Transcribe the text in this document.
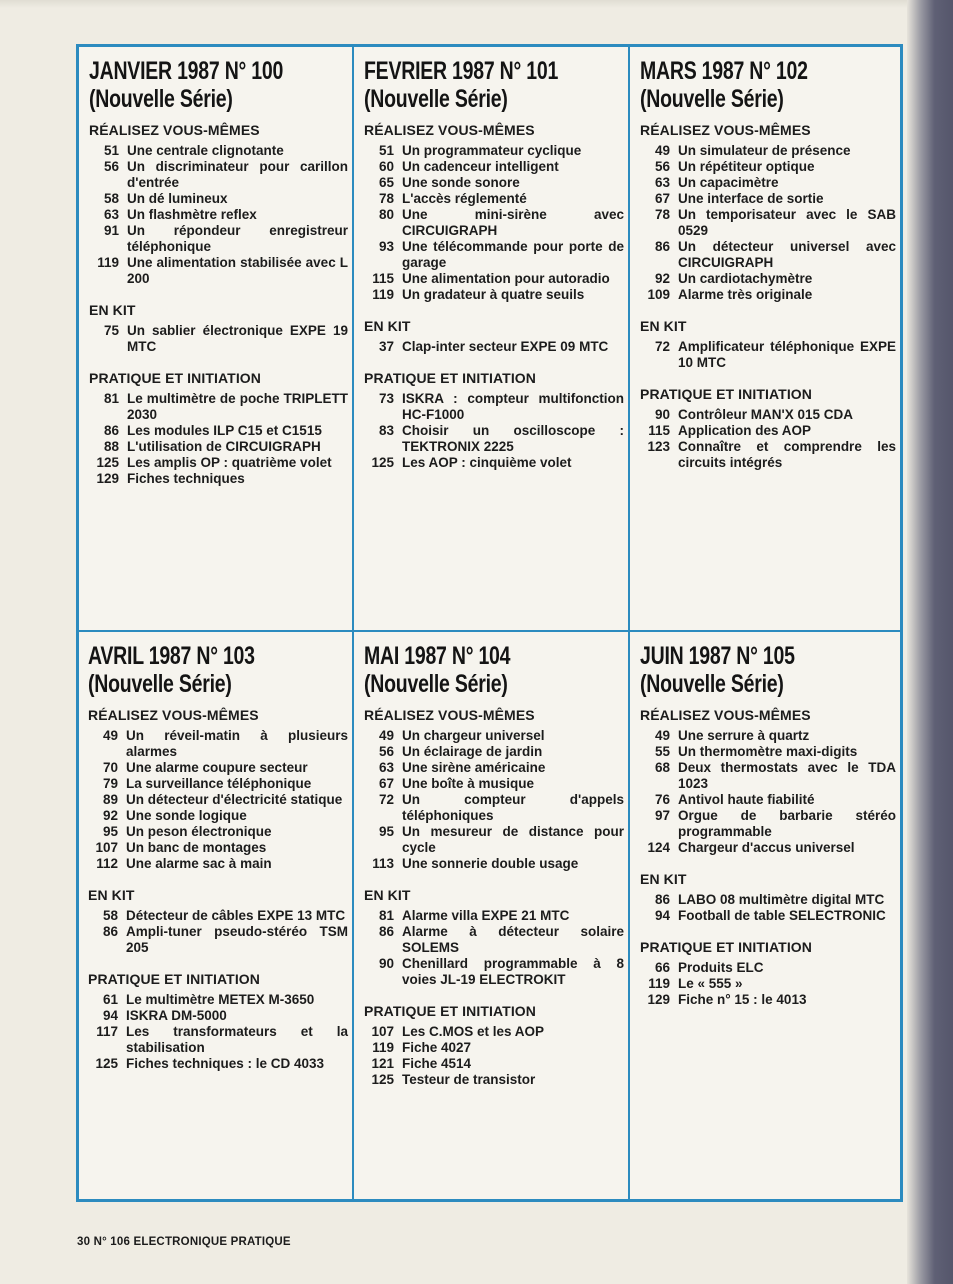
JANVIER 1987 N° 100
(Nouvelle Série)
RÉALISEZ VOUS-MÊMES
51 Une centrale clignotante
56 Un discriminateur pour carillon d'entrée
58 Un dé lumineux
63 Un flashmètre reflex
91 Un répondeur enregistreur téléphonique
119 Une alimentation stabilisée avec L 200
EN KIT
75 Un sablier électronique EXPE 19 MTC
PRATIQUE ET INITIATION
81 Le multimètre de poche TRIPLETT 2030
86 Les modules ILP C15 et C1515
88 L'utilisation de CIRCUIGRAPH
125 Les amplis OP : quatrième volet
129 Fiches techniques
FEVRIER 1987 N° 101
(Nouvelle Série)
RÉALISEZ VOUS-MÊMES
51 Un programmateur cyclique
60 Un cadenceur intelligent
65 Une sonde sonore
78 L'accès réglementé
80 Une mini-sirène avec CIRCUIGRAPH
93 Une télécommande pour porte de garage
115 Une alimentation pour autoradio
119 Un gradateur à quatre seuils
EN KIT
37 Clap-inter secteur EXPE 09 MTC
PRATIQUE ET INITIATION
73 ISKRA : compteur multifonction HC-F1000
83 Choisir un oscilloscope : TEKTRONIX 2225
125 Les AOP : cinquième volet
MARS 1987 N° 102
(Nouvelle Série)
RÉALISEZ VOUS-MÊMES
49 Un simulateur de présence
56 Un répétiteur optique
63 Un capacimètre
67 Une interface de sortie
78 Un temporisateur avec le SAB 0529
86 Un détecteur universel avec CIRCUIGRAPH
92 Un cardiotachymètre
109 Alarme très originale
EN KIT
72 Amplificateur téléphonique EXPE 10 MTC
PRATIQUE ET INITIATION
90 Contrôleur MAN'X 015 CDA
115 Application des AOP
123 Connaître et comprendre les circuits intégrés
AVRIL 1987 N° 103
(Nouvelle Série)
RÉALISEZ VOUS-MÊMES
49 Un réveil-matin à plusieurs alarmes
70 Une alarme coupure secteur
79 La surveillance téléphonique
89 Un détecteur d'électricité statique
92 Une sonde logique
95 Un peson électronique
107 Un banc de montages
112 Une alarme sac à main
EN KIT
58 Détecteur de câbles EXPE 13 MTC
86 Ampli-tuner pseudo-stéréo TSM 205
PRATIQUE ET INITIATION
61 Le multimètre METEX M-3650
94 ISKRA DM-5000
117 Les transformateurs et la stabilisation
125 Fiches techniques : le CD 4033
MAI 1987 N° 104
(Nouvelle Série)
RÉALISEZ VOUS-MÊMES
49 Un chargeur universel
56 Un éclairage de jardin
63 Une sirène américaine
67 Une boîte à musique
72 Un compteur d'appels téléphoniques
95 Un mesureur de distance pour cycle
113 Une sonnerie double usage
EN KIT
81 Alarme villa EXPE 21 MTC
86 Alarme à détecteur solaire SOLEMS
90 Chenillard programmable à 8 voies JL-19 ELECTROKIT
PRATIQUE ET INITIATION
107 Les C.MOS et les AOP
119 Fiche 4027
121 Fiche 4514
125 Testeur de transistor
JUIN 1987 N° 105
(Nouvelle Série)
RÉALISEZ VOUS-MÊMES
49 Une serrure à quartz
55 Un thermomètre maxi-digits
68 Deux thermostats avec le TDA 1023
76 Antivol haute fiabilité
97 Orgue de barbarie stéréo programmable
124 Chargeur d'accus universel
EN KIT
86 LABO 08 multimètre digital MTC
94 Football de table SELECTRONIC
PRATIQUE ET INITIATION
66 Produits ELC
119 Le « 555 »
129 Fiche n° 15 : le 4013
30 N° 106 ELECTRONIQUE PRATIQUE
